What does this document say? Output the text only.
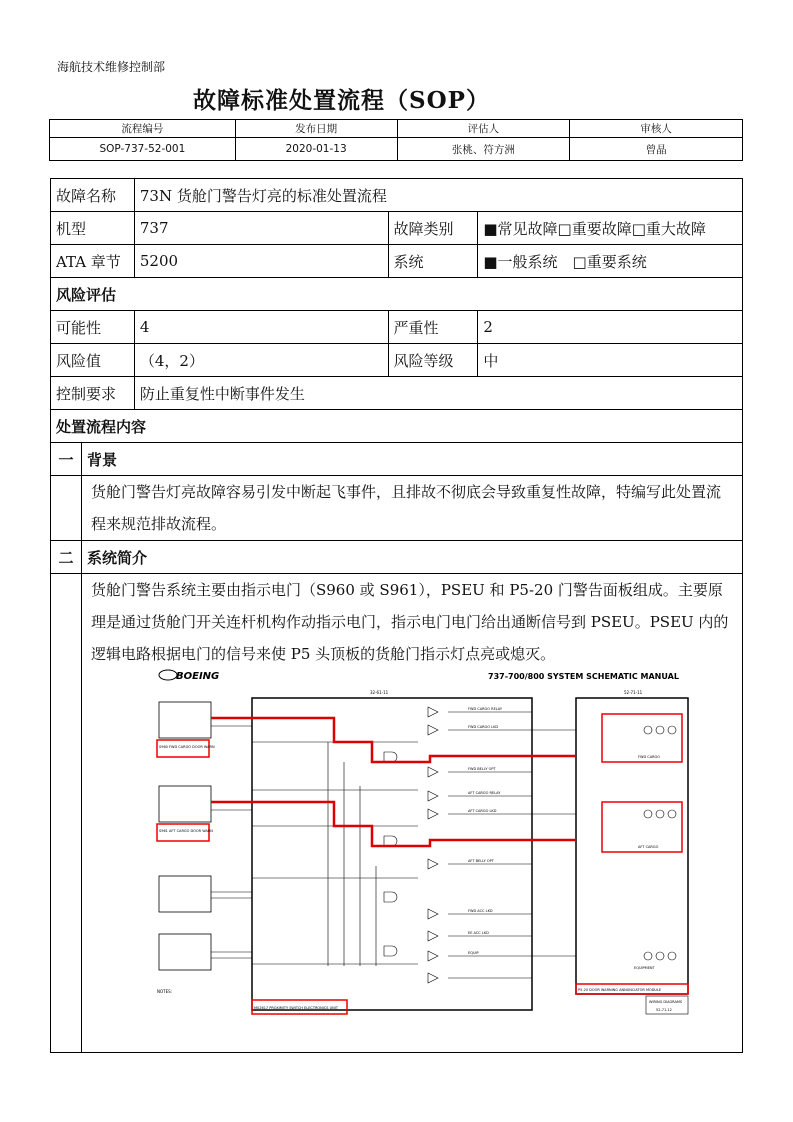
海航技术维修控制部
故障标准处置流程（SOP）
流程编号	发布日期	评估人	审核人
SOP-737-52-001	2020-01-13	张桃、符方洲	曾晶
故障名称		73N 货舱门警告灯亮的标准处置流程		
机型		737	故障类别	■常见故障□重要故障□重大故障
ATA 章节		5200	系统	■一般系统　□重要系统
风险评估				
可能性		4	严重性	2
风险值		（4，2）	风险等级	中
控制要求		防止重复性中断事件发生		
处置流程内容				
一	背景			

	货舱门警告灯亮故障容易引发中断起飞事件，且排故不彻底会导致重复性故障，特编写此处置流程来规范排故流程。			

二	系统简介			

	货舱门警告系统主要由指示电门（S960 或 S961），PSEU 和 P5-20 门警告面板组成。主要原理是通过货舱门开关连杆机构作动指示电门，指示电门电门给出通断信号到 PSEU。PSEU 内的逻辑电路根据电门的信号来使 P5 头顶板的货舱门指示灯点亮或熄灭。			
BOEING	737-700/800 SYSTEM SCHEMATIC MANUAL
32-61-11	52-71-11
S960 FWD CARGO DOOR WARN
S961 AFT CARGO DOOR WARN
NOTES:
FWD CARGO RELAY
FWD CARGO LKD
FWD BELLY OPT
AFT CARGO RELAY
AFT CARGO LKD
AFT BELLY OPT
FWD ACC LKD
EE ACC LKD
EQUIP
FWD CARGO
AFT CARGO
EQUIPMENT
M02617 PROXIMITY SWITCH ELECTRONICS UNIT
P5-20 DOOR WARNING ANNUNCIATOR MODULE
WIRING DIAGRAMS
52-71-12
